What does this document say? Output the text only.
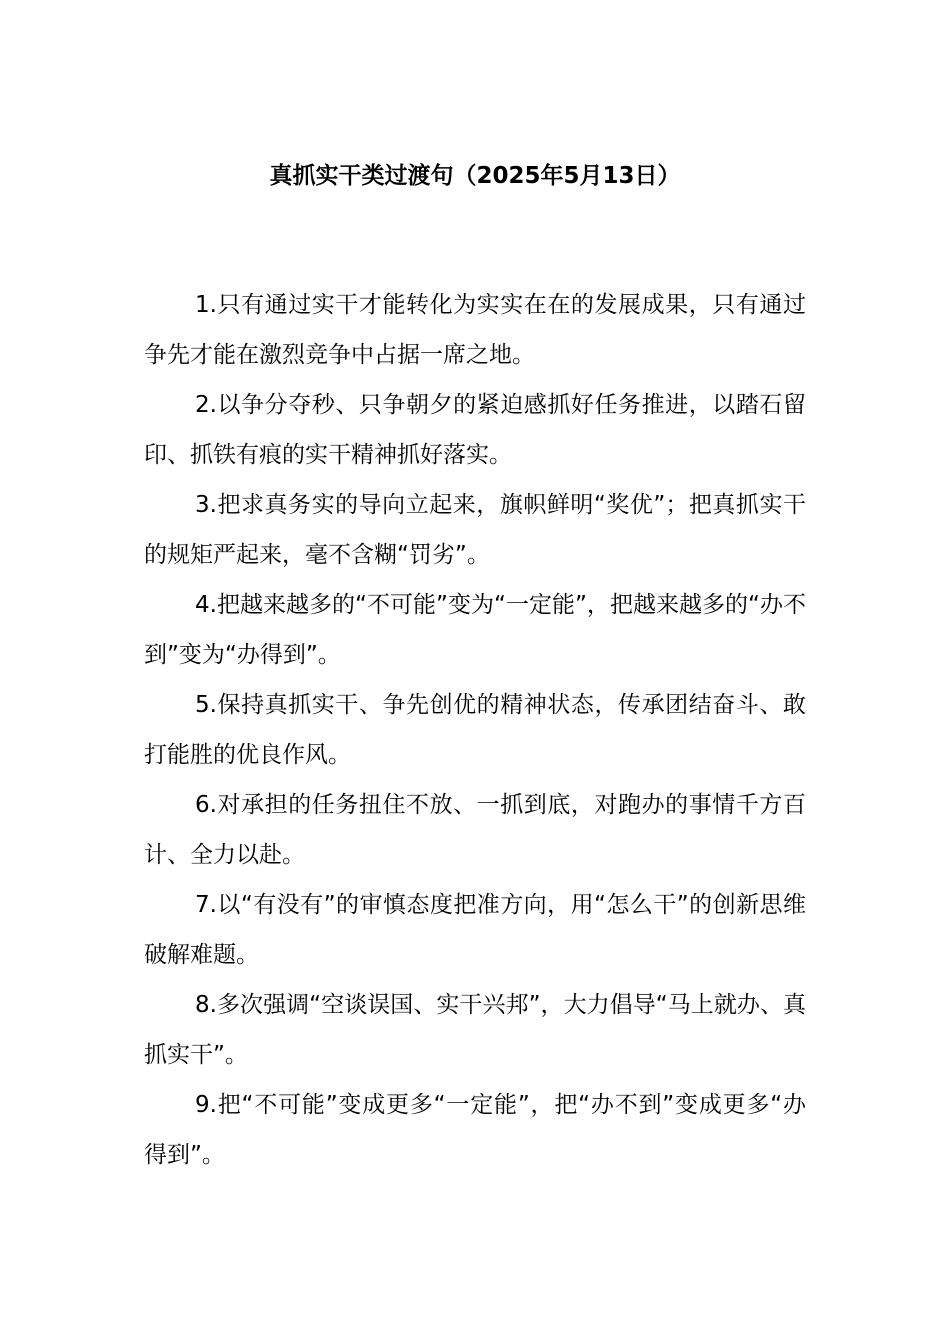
真抓实干类过渡句（2025年5月13日）

1.只有通过实干才能转化为实实在在的发展成果，只有通过争先才能在激烈竞争中占据一席之地。

2.以争分夺秒、只争朝夕的紧迫感抓好任务推进，以踏石留印、抓铁有痕的实干精神抓好落实。

3.把求真务实的导向立起来，旗帜鲜明“奖优”；把真抓实干的规矩严起来，毫不含糊“罚劣”。

4.把越来越多的“不可能”变为“一定能”，把越来越多的“办不到”变为“办得到”。

5.保持真抓实干、争先创优的精神状态，传承团结奋斗、敢打能胜的优良作风。

6.对承担的任务扭住不放、一抓到底，对跑办的事情千方百计、全力以赴。

7.以“有没有”的审慎态度把准方向，用“怎么干”的创新思维破解难题。

8.多次强调“空谈误国、实干兴邦”，大力倡导“马上就办、真抓实干”。

9.把“不可能”变成更多“一定能”，把“办不到”变成更多“办得到”。
